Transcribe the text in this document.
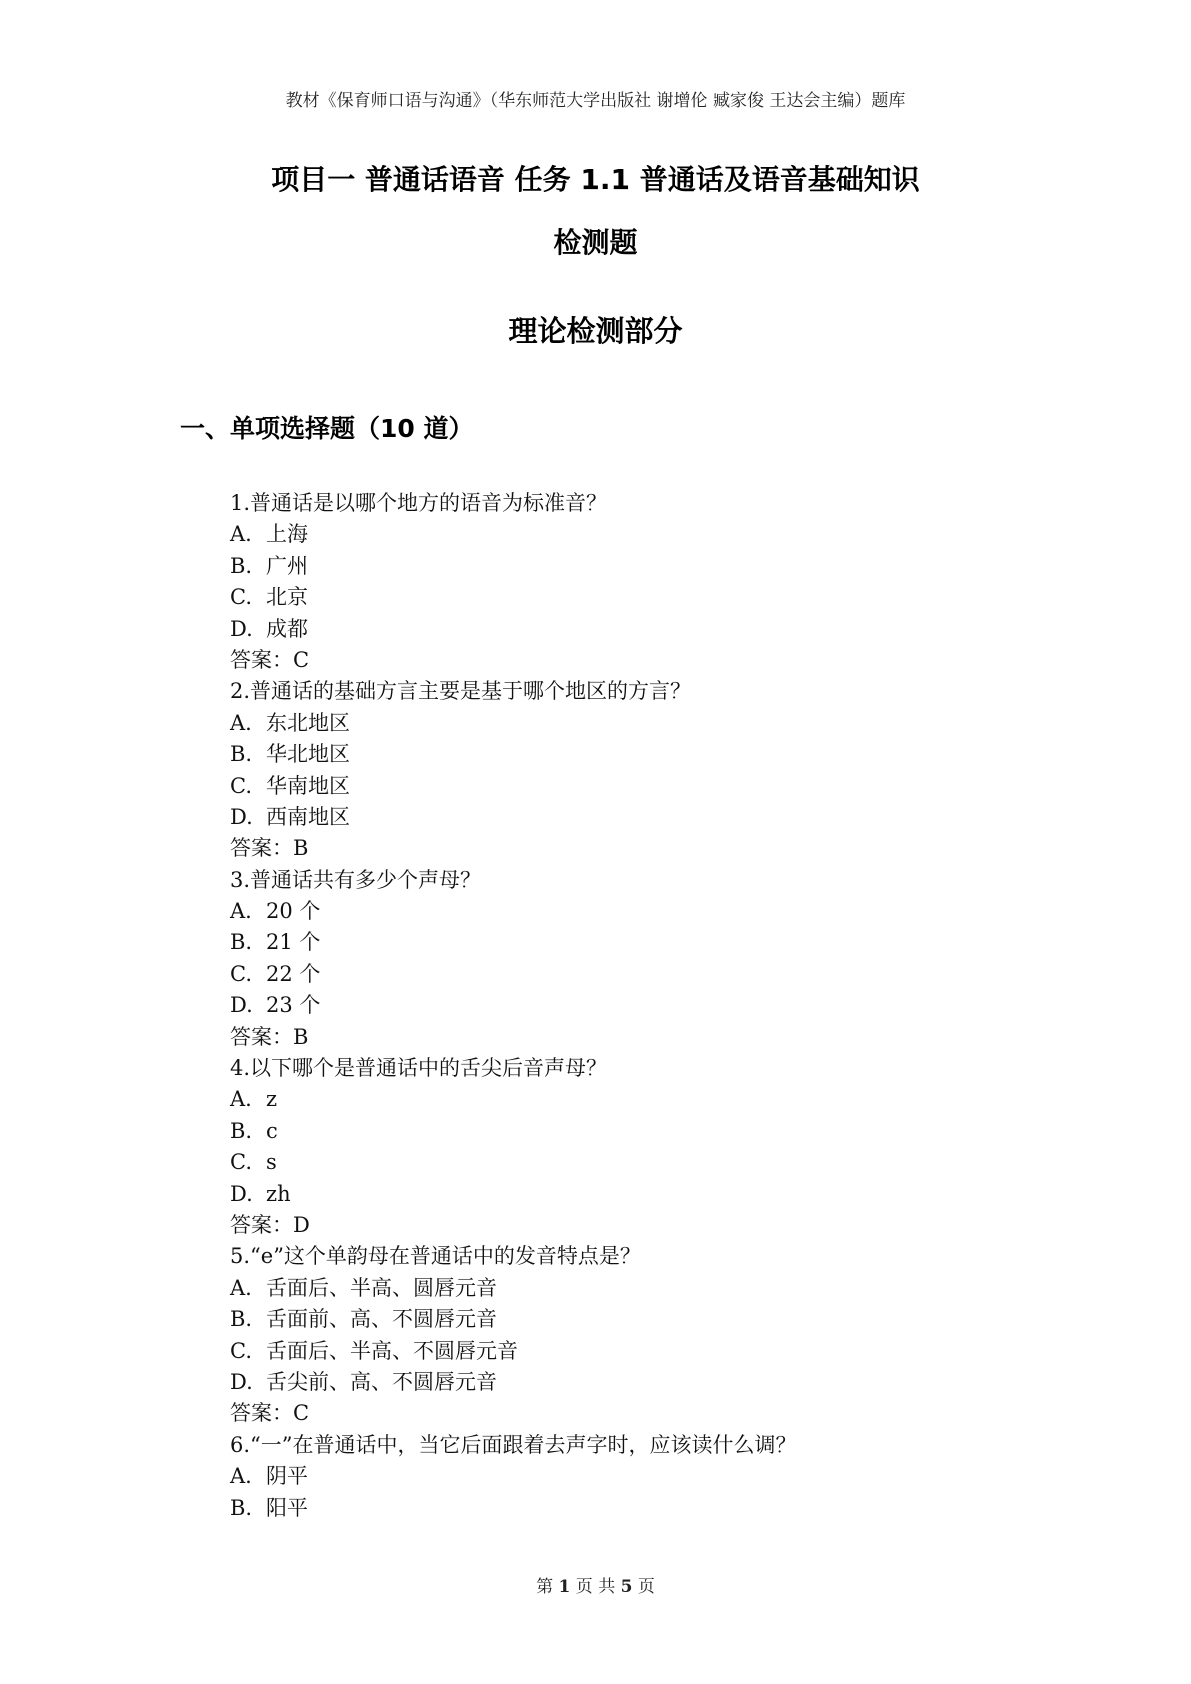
教材《保育师口语与沟通》（华东师范大学出版社 谢增伦 臧家俊 王达会主编）题库
项目一 普通话语音 任务 1.1 普通话及语音基础知识
检测题
理论检测部分
一、单项选择题（10 道）
1.普通话是以哪个地方的语音为标准音？
A. 上海
B. 广州
C. 北京
D. 成都
答案：C
2.普通话的基础方言主要是基于哪个地区的方言？
A. 东北地区
B. 华北地区
C. 华南地区
D. 西南地区
答案：B
3.普通话共有多少个声母？
A. 20 个
B. 21 个
C. 22 个
D. 23 个
答案：B
4.以下哪个是普通话中的舌尖后音声母？
A. z
B. c
C. s
D. zh
答案：D
5.“e”这个单韵母在普通话中的发音特点是？
A. 舌面后、半高、圆唇元音
B. 舌面前、高、不圆唇元音
C. 舌面后、半高、不圆唇元音
D. 舌尖前、高、不圆唇元音
答案：C
6.“一”在普通话中，当它后面跟着去声字时，应该读什么调？
A. 阴平
B. 阳平
第 1 页 共 5 页
